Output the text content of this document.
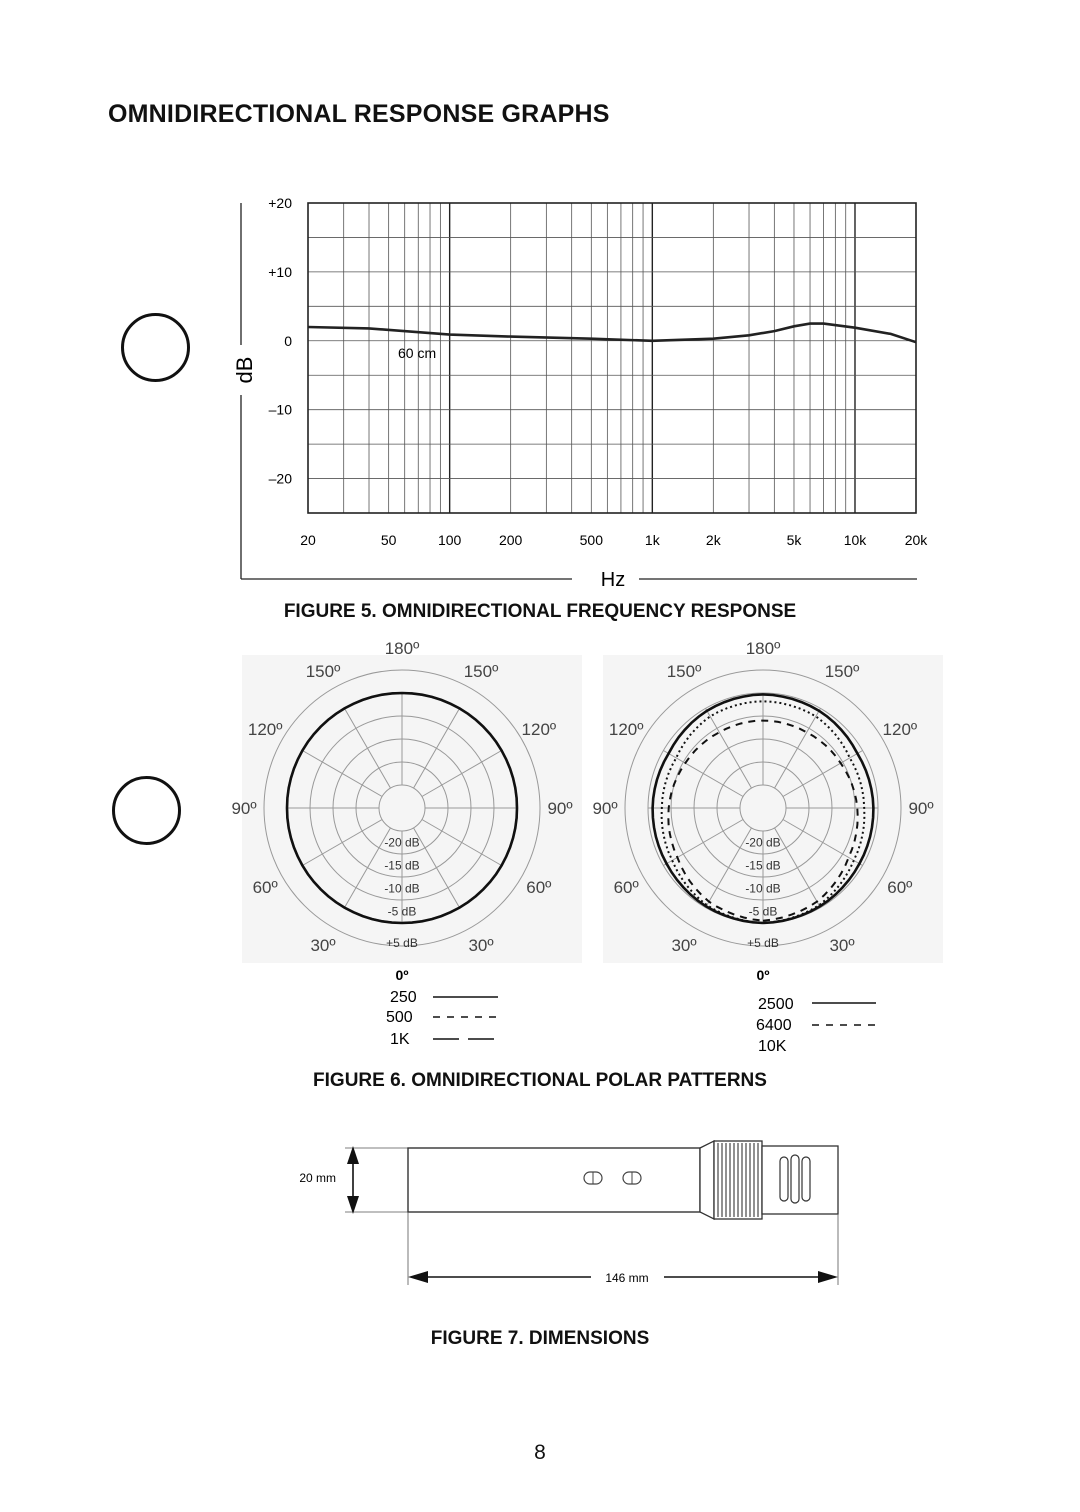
OMNIDIRECTIONAL RESPONSE GRAPHS
+20
+10
0
–10
–20
20	50	100	200	500	1k	2k	5k	10k	20k
60 cm
dB
Hz
FIGURE 5. OMNIDIRECTIONAL FREQUENCY RESPONSE
180º
150º	150º
120º	120º
90º	90º
60º	60º
30º	30º
0º
-20 dB
-15 dB
-10 dB
-5 dB
+5 dB
180º
150º	150º
120º	120º
90º	90º
60º	60º
30º	30º
0º
-20 dB
-15 dB
-10 dB
-5 dB
+5 dB
250
500
1K
2500
6400
10K
FIGURE 6. OMNIDIRECTIONAL POLAR PATTERNS
20 mm
146 mm
FIGURE 7. DIMENSIONS
8
